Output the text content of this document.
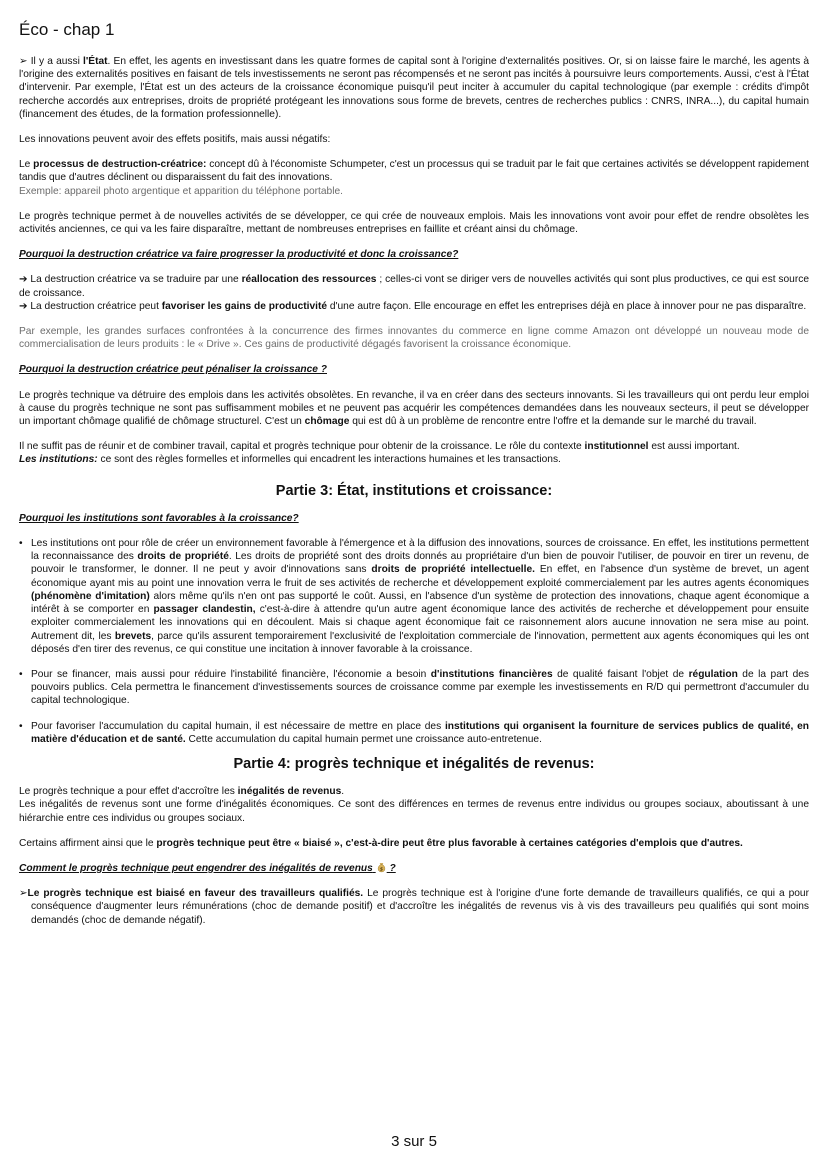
Éco - chap 1

➢ Il y a aussi l'État. En effet, les agents en investissant dans les quatre formes de capital sont à l'origine d'externalités positives. Or, si on laisse faire le marché, les agents à l'origine des externalités positives en faisant de tels investissements ne seront pas récompensés et ne seront pas incités à poursuivre leurs comportements. Aussi, c'est à l'État d'intervenir. Par exemple, l'État est un des acteurs de la croissance économique puisqu'il peut inciter à accumuler du capital technologique (par exemple : crédits d'impôt recherche accordés aux entreprises, droits de propriété protégeant les innovations sous forme de brevets, centres de recherches publics : CNRS, INRA...), du capital humain (financement des études, de la formation professionnelle).

Les innovations peuvent avoir des effets positifs, mais aussi négatifs:

Le processus de destruction-créatrice: concept dû à l'économiste Schumpeter, c'est un processus qui se traduit par le fait que certaines activités se développent rapidement tandis que d'autres déclinent ou disparaissent du fait des innovations.

Exemple: appareil photo argentique et apparition du téléphone portable.

Le progrès technique permet à de nouvelles activités de se développer, ce qui crée de nouveaux emplois. Mais les innovations vont avoir pour effet de rendre obsolètes les activités anciennes, ce qui va les faire disparaître, mettant de nombreuses entreprises en faillite et créant ainsi du chômage.

Pourquoi la destruction créatrice va faire progresser la productivité et donc la croissance?

➔ La destruction créatrice va se traduire par une réallocation des ressources ; celles-ci vont se diriger vers de nouvelles activités qui sont plus productives, ce qui est source de croissance.

➔ La destruction créatrice peut favoriser les gains de productivité d'une autre façon. Elle encourage en effet les entreprises déjà en place à innover pour ne pas disparaître.

Par exemple, les grandes surfaces confrontées à la concurrence des firmes innovantes du commerce en ligne comme Amazon ont développé un nouveau mode de commercialisation de leurs produits : le « Drive ». Ces gains de productivité dégagés favorisent la croissance économique.

Pourquoi la destruction créatrice peut pénaliser la croissance ?

Le progrès technique va détruire des emplois dans les activités obsolètes. En revanche, il va en créer dans des secteurs innovants. Si les travailleurs qui ont perdu leur emploi à cause du progrès technique ne sont pas suffisamment mobiles et ne peuvent pas acquérir les compétences demandées dans les nouveaux secteurs, il peut se développer un important chômage qualifié de chômage structurel. C'est un chômage qui est dû à un problème de rencontre entre l'offre et la demande sur le marché du travail.

Il ne suffit pas de réunir et de combiner travail, capital et progrès technique pour obtenir de la croissance. Le rôle du contexte institutionnel est aussi important.
Les institutions: ce sont des règles formelles et informelles qui encadrent les interactions humaines et les transactions.

Partie 3: État, institutions et croissance:

Pourquoi les institutions sont favorables à la croissance?

• Les institutions ont pour rôle de créer un environnement favorable à l'émergence et à la diffusion des innovations, sources de croissance. En effet, les institutions permettent la reconnaissance des droits de propriété. Les droits de propriété sont des droits donnés au propriétaire d'un bien de pouvoir l'utiliser, de pouvoir en tirer un revenu, de pouvoir le transformer, le donner. Il ne peut y avoir d'innovations sans droits de propriété intellectuelle. En effet, en l'absence d'un système de brevet, un agent économique ayant mis au point une innovation verra le fruit de ses activités de recherche et développement exploité commercialement par les autres agents économiques (phénomène d'imitation) alors même qu'ils n'en ont pas supporté le coût. Aussi, en l'absence d'un système de protection des innovations, chaque agent économique a intérêt à se comporter en passager clandestin, c'est-à-dire à attendre qu'un autre agent économique lance des activités de recherche et développement pour ensuite exploiter commercialement les innovations qui en découlent. Mais si chaque agent économique fait ce raisonnement alors aucune innovation ne sera mise au point. Autrement dit, les brevets, parce qu'ils assurent temporairement l'exclusivité de l'exploitation commerciale de l'innovation, permettent aux agents économiques qui les ont déposés d'en tirer des revenus, ce qui constitue une incitation à innover favorable à la croissance.
• Pour se financer, mais aussi pour réduire l'instabilité financière, l'économie a besoin d'institutions financières de qualité faisant l'objet de régulation de la part des pouvoirs publics. Cela permettra le financement d'investissements sources de croissance comme par exemple les investissements en R/D qui permettront d'accumuler du capital technologique.
• Pour favoriser l'accumulation du capital humain, il est nécessaire de mettre en place des institutions qui organisent la fourniture de services publics de qualité, en matière d'éducation et de santé. Cette accumulation du capital humain permet une croissance auto-entretenue.
Partie 4: progrès technique et inégalités de revenus:

Le progrès technique a pour effet d'accroître les inégalités de revenus.
Les inégalités de revenus sont une forme d'inégalités économiques. Ce sont des différences en termes de revenus entre individus ou groupes sociaux, aboutissant à une hiérarchie entre ces individus ou groupes sociaux.

Certains affirment ainsi que le progrès technique peut être « biaisé », c'est-à-dire peut être plus favorable à certaines catégories d'emplois que d'autres.

Comment le progrès technique peut engendrer des inégalités de revenus $ ?

➢Le progrès technique est biaisé en faveur des travailleurs qualifiés. Le progrès technique est à l'origine d'une forte demande de travailleurs qualifiés, ce qui a pour conséquence d'augmenter leurs rémunérations (choc de demande positif) et d'accroître les inégalités de revenus vis à vis des travailleurs peu qualifiés qui sont moins demandés (choc de demande négatif).

3 sur 5
